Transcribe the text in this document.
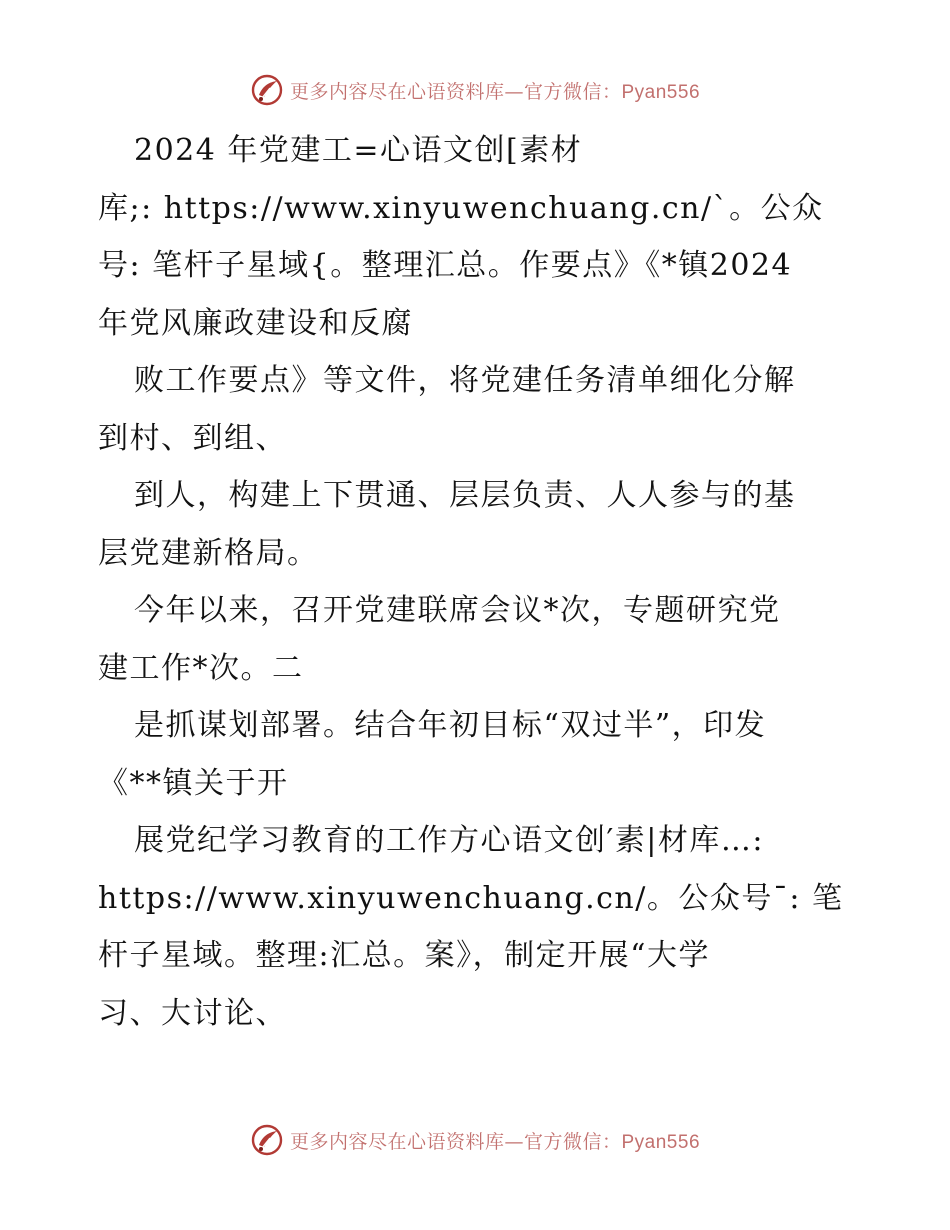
更多内容尽在心语资料库—官方微信：Pyan556
2024 年党建工=心语文创[素材
库;: https://www.xinyuwenchuang.cn/`。公众
号: 笔杆子星域{。整理汇总。作要点》《*镇2024
年党风廉政建设和反腐
败工作要点》等文件，将党建任务清单细化分解
到村、到组、
到人，构建上下贯通、层层负责、人人参与的基
层党建新格局。
今年以来，召开党建联席会议*次，专题研究党
建工作*次。二
是抓谋划部署。结合年初目标“双过半”，印发
《**镇关于开
展党纪学习教育的工作方心语文创′素|材库…:
https://www.xinyuwenchuang.cn/。公众号¯: 笔
杆子星域。整理:汇总。案》，制定开展“大学
习、大讨论、
更多内容尽在心语资料库—官方微信：Pyan556
